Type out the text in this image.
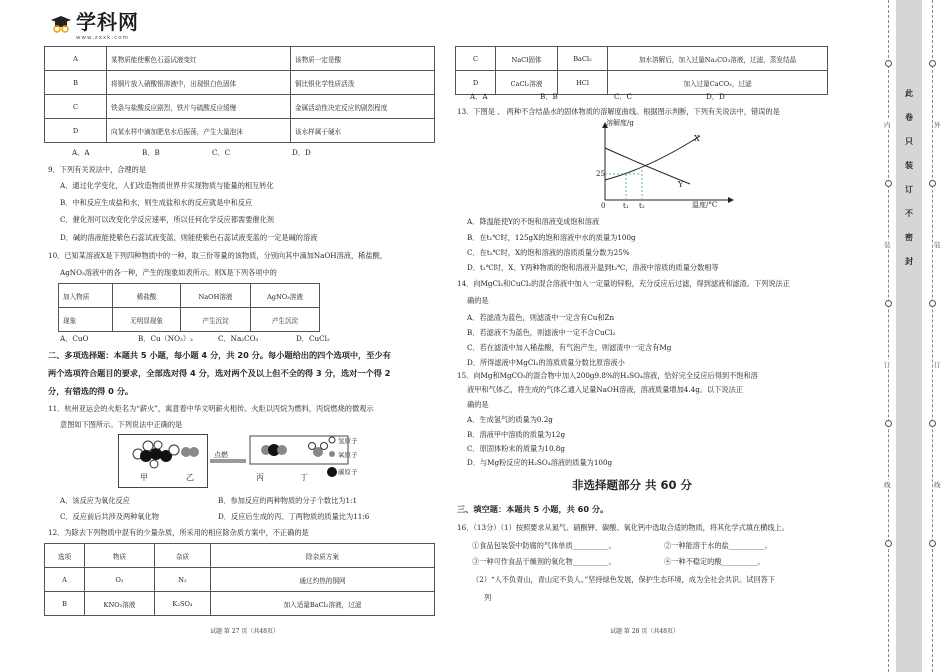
学科网
www.zxxk.com
A	某物质能使紫色石蕊试液变红	该物质一定是酸
B	将铜片放入硝酸银溶液中，出现银白色固体	铜比银化学性质活泼
C	铁条与盐酸反应剧烈，铁片与硫酸反应缓慢	金属活动性决定反应的剧烈程度
D	向某水样中滴加肥皂水后振荡，产生大量泡沫	该水样属于硬水
A．A	B．B	C．C	D．D
9．下列有关说法中，合理的是
A．通过化学变化，人们改造物质世界并实现物质与能量的相互转化
B．中和反应生成盐和水，则生成盐和水的反应就是中和反应
C．催化剂可以改变化学反应速率，所以任何化学反应都需要催化剂
D．碱的溶液能使紫色石蕊试液变蓝，则能使紫色石蕊试液变蓝的一定是碱的溶液
10．已知某溶液X是下列四种物质中的一种，取三份等量的该物质，分别向其中滴加NaOH溶液，稀盐酸，
AgNO₃溶液中的各一种，产生的现象如表所示。则X是下列各项中的
加入物质	稀盐酸	NaOH溶液	AgNO₃溶液
现象	无明显现象	产生沉淀	产生沉淀
A．CuO	B．Cu（NO₃）₂	C．Na₂CO₃	D．CuCl₂
二、多项选择题：本题共 5 小题，每小题 4 分，共 20 分。每小题给出的四个选项中，至少有
两个选项符合题目的要求，全部选对得 4 分，选对两个及以上但不全的得 3 分，选对一个得 2
分，有错选的得 0 分。
11．杭州亚运会的火炬名为“薪火”，寓意着中华文明薪火相传。火炬以丙烷为燃料，丙烷燃烧的微观示
意图如下图所示。下列说法中正确的是
甲	乙
点燃
丙	丁
氢原子
氧原子
碳原子
A．该反应为氧化反应	B．参加反应的两种物质的分子个数比为1:1
C．反应前后共涉及两种氧化物	D．反应后生成的丙、丁两物质的质量比为11:6
12．为除去下列物质中混有的少量杂质，所采用的相应除杂质方案中，不正确的是
选项	物质	杂质	除杂质方案
A	O₂	N₂	通过灼热的铜网
B	KNO₃溶液	K₂SO₄	加入适量BaCl₂溶液，过滤
试题 第 27 页（共48页）
C	NaCl固体	BaCl₂	加水溶解后，加入过量Na₂CO₃溶液，过滤，蒸发结晶
D	CaCl₂溶液	HCl	加入过量CaCO₃，过滤
A．A	B．B	C．C	D．D
13．下图是 、 两种不含结晶水的固体物质的溶解度曲线。根据图示判断，下列有关说法中，错误的是
溶解度/g
温度/°C
25
0	t₁ t₂
X
Y
A．降温能使Y的不饱和溶液变成饱和溶液
B．在t₁℃时，125gX的饱和溶液中水的质量为100g
C．在t₂℃时，X的饱和溶液的溶质质量分数为25%
D．t₁℃时，X、Y两种物质的饱和溶液升温到t₂℃，溶液中溶质的质量分数相等
14．向MgCl₂和CuCl₂的混合溶液中加入一定量的锌粉，充分反应后过滤，得到滤液和滤渣。下列说法正
确的是
A．若滤渣为蓝色，则滤渣中一定含有Cu和Zn
B．若滤液不为蓝色，则滤液中一定不含CuCl₂
C．若在滤渣中加入稀盐酸，有气泡产生，则滤渣中一定含有Mg
D．所得滤液中MgCl₂的溶质质量分数比原溶液小
15．向Mg和MgCO₃的混合物中加入200g9.8%的H₂SO₄溶液，恰好完全反应后得到不饱和溶
液甲和气体乙，将生成的气体乙通入足量NaOH溶液，溶液质量增加4.4g。以下说法正
确的是
A．生成氢气的质量为0.2g
B．溶液甲中溶质的质量为12g
C．原固体粉末的质量为10.8g
D．与Mg粉反应的H₂SO₄溶液的质量为100g
非选择题部分 共 60 分
三、填空题：本题共 5 小题，共 60 分。
16．（13分）（1）按照要求从氮气、硝酸钾、碳酸、氧化钙中选取合适的物质，将其化学式填在横线上。
①食品包装袋中防腐的气体单质__________。	②一种能溶于水的盐__________。
③一种可作食品干燥剂的氧化物__________。	④一种不稳定的酸__________。
（2）“人不负青山，青山定不负人。”坚持绿色发展，保护生态环境，成为全社会共识。试回答下
列
试题 第 28 页（共48页）
此
卷
只
装
订
不
密
封
内
装
订
线
外
装
订
线
